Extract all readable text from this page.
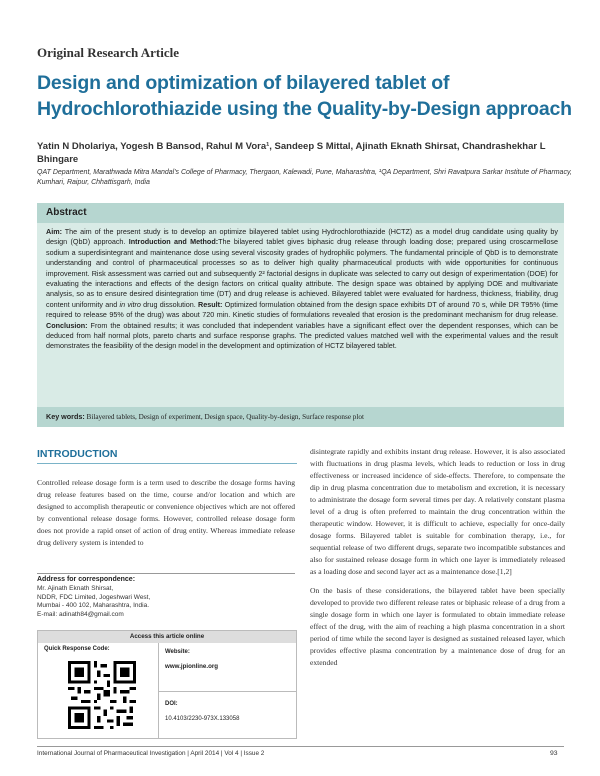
Original Research Article
Design and optimization of bilayered tablet of Hydrochlorothiazide using the Quality-by-Design approach
Yatin N Dholariya, Yogesh B Bansod, Rahul M Vora¹, Sandeep S Mittal, Ajinath Eknath Shirsat, Chandrashekhar L Bhingare
QAT Department, Marathwada Mitra Mandal's College of Pharmacy, Thergaon, Kalewadi, Pune, Maharashtra, ¹QA Department, Shri Ravatpura Sarkar Institute of Pharmacy, Kumhari, Raipur, Chhattisgarh, India
Abstract
Aim: The aim of the present study is to develop an optimize bilayered tablet using Hydrochlorothiazide (HCTZ) as a model drug candidate using quality by design (QbD) approach. Introduction and Method:The bilayered tablet gives biphasic drug release through loading dose; prepared using croscarmellose sodium a superdisintegrant and maintenance dose using several viscosity grades of hydrophilic polymers. The fundamental principle of QbD is to demonstrate understanding and control of pharmaceutical processes so as to deliver high quality pharmaceutical products with wide opportunities for continuous improvement. Risk assessment was carried out and subsequently 2² factorial designs in duplicate was selected to carry out design of experimentation (DOE) for evaluating the interactions and effects of the design factors on critical quality attribute. The design space was obtained by applying DOE and multivariate analysis, so as to ensure desired disintegration time (DT) and drug release is achieved. Bilayered tablet were evaluated for hardness, thickness, friability, drug content uniformity and in vitro drug dissolution. Result: Optimized formulation obtained from the design space exhibits DT of around 70 s, while DR T95% (time required to release 95% of the drug) was about 720 min. Kinetic studies of formulations revealed that erosion is the predominant mechanism for drug release. Conclusion: From the obtained results; it was concluded that independent variables have a significant effect over the dependent responses, which can be deduced from half normal plots, pareto charts and surface response graphs. The predicted values matched well with the experimental values and the result demonstrates the feasibility of the design model in the development and optimization of HCTZ bilayered tablet.
Key words: Bilayered tablets, Design of experiment, Design space, Quality-by-design, Surface response plot
INTRODUCTION

Controlled release dosage form is a term used to describe the dosage forms having drug release features based on the time, course and/or location and which are designed to accomplish therapeutic or convenience objectives which are not offered by conventional release dosage forms. However, controlled release dosage form does not provide a rapid onset of action of drug entity. Whereas immediate release drug delivery system is intended to

disintegrate rapidly and exhibits instant drug release. However, it is also associated with fluctuations in drug plasma levels, which leads to reduction or loss in drug effectiveness or increased incidence of side-effects. Therefore, to compensate the dip in drug plasma concentration due to metabolism and excretion, it is necessary to administrate the dosage form several times per day. A relatively constant plasma level of a drug is often preferred to maintain the drug concentration within the therapeutic window. However, it is difficult to achieve, especially for once-daily dosage forms. Bilayered tablet is suitable for combination therapy, i.e., for sequential release of two different drugs, separate two incompatible substances and also for sustained release dosage form in which one layer is immediately released as a loading dose and second layer act as a maintenance dose.[1,2]

On the basis of these considerations, the bilayered tablet have been specially developed to provide two different release rates or biphasic release of a drug from a single dosage form in which one layer is formulated to obtain immediate release effect of the drug, with the aim of reaching a high plasma concentration in a short period of time while the second layer is designed as sustained released layer, which provides effective plasma concentration by a maintenance dose of drug for an extended

Address for correspondence:
Mr. Ajinath Eknath Shirsat,
NDDR, FDC Limited, Jogeshwari West,
Mumbai - 400 102, Maharashtra, India.
E-mail: adinath84@gmail.com
Access this article online
Quick Response Code:	Website:
www.jpionline.org
DOI:
10.4103/2230-973X.133058
International Journal of Pharmaceutical Investigation | April 2014 | Vol 4 | Issue 2	93
